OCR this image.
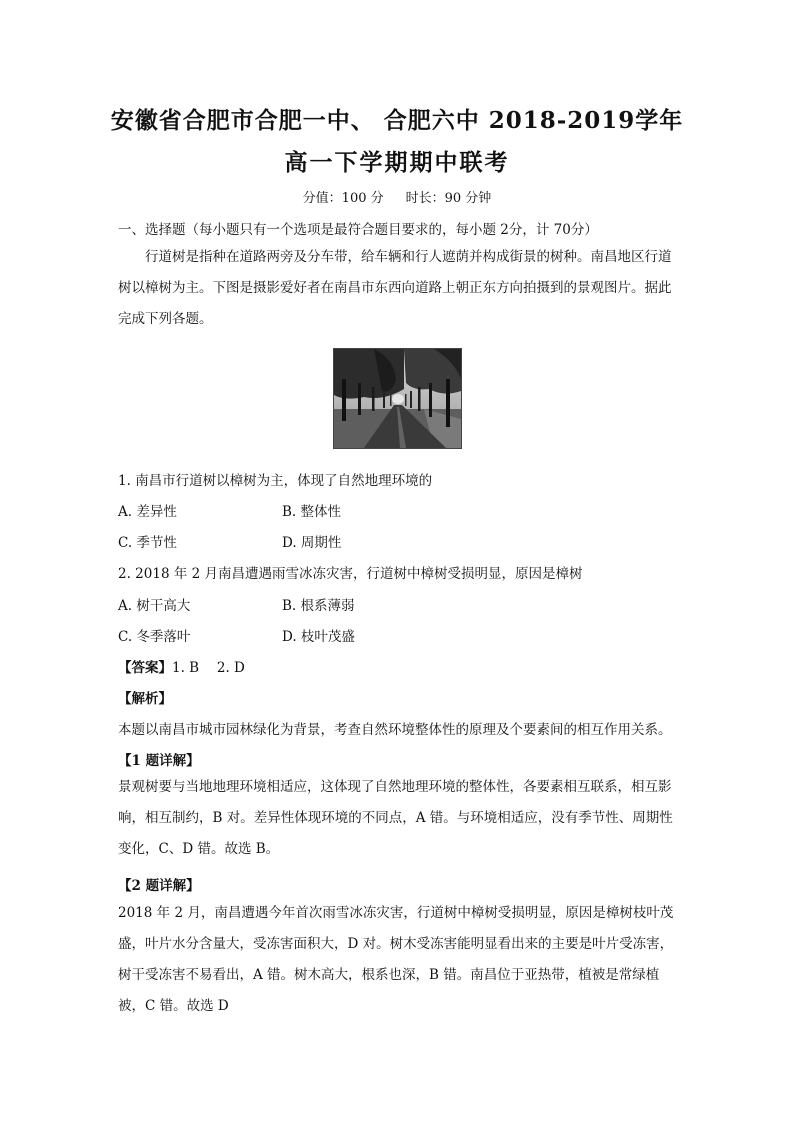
安徽省合肥市合肥一中、 合肥六中 2018-2019学年
高一下学期期中联考
分值：100 分 时长：90 分钟
一、选择题（每小题只有一个选项是最符合题目要求的，每小题 2分，计 70分）
行道树是指种在道路两旁及分车带，给车辆和行人遮荫并构成街景的树种。南昌地区行道树以樟树为主。下图是摄影爱好者在南昌市东西向道路上朝正东方向拍摄到的景观图片。据此完成下列各题。
1. 南昌市行道树以樟树为主，体现了自然地理环境的
A. 差异性	B. 整体性
C. 季节性	D. 周期性
2. 2018 年 2 月南昌遭遇雨雪冰冻灾害，行道树中樟树受损明显，原因是樟树
A. 树干高大	B. 根系薄弱
C. 冬季落叶	D. 枝叶茂盛
【答案】1. B　 2. D
【解析】
本题以南昌市城市园林绿化为背景，考查自然环境整体性的原理及个要素间的相互作用关系。
【1 题详解】
景观树要与当地地理环境相适应，这体现了自然地理环境的整体性，各要素相互联系，相互影响，相互制约，B 对。差异性体现环境的不同点，A 错。与环境相适应，没有季节性、周期性变化，C、D 错。故选 B。
【2 题详解】
2018 年 2 月，南昌遭遇今年首次雨雪冰冻灾害，行道树中樟树受损明显，原因是樟树枝叶茂盛，叶片水分含量大，受冻害面积大，D 对。树木受冻害能明显看出来的主要是叶片受冻害，树干受冻害不易看出，A 错。树木高大，根系也深，B 错。南昌位于亚热带，植被是常绿植被，C 错。故选 D
